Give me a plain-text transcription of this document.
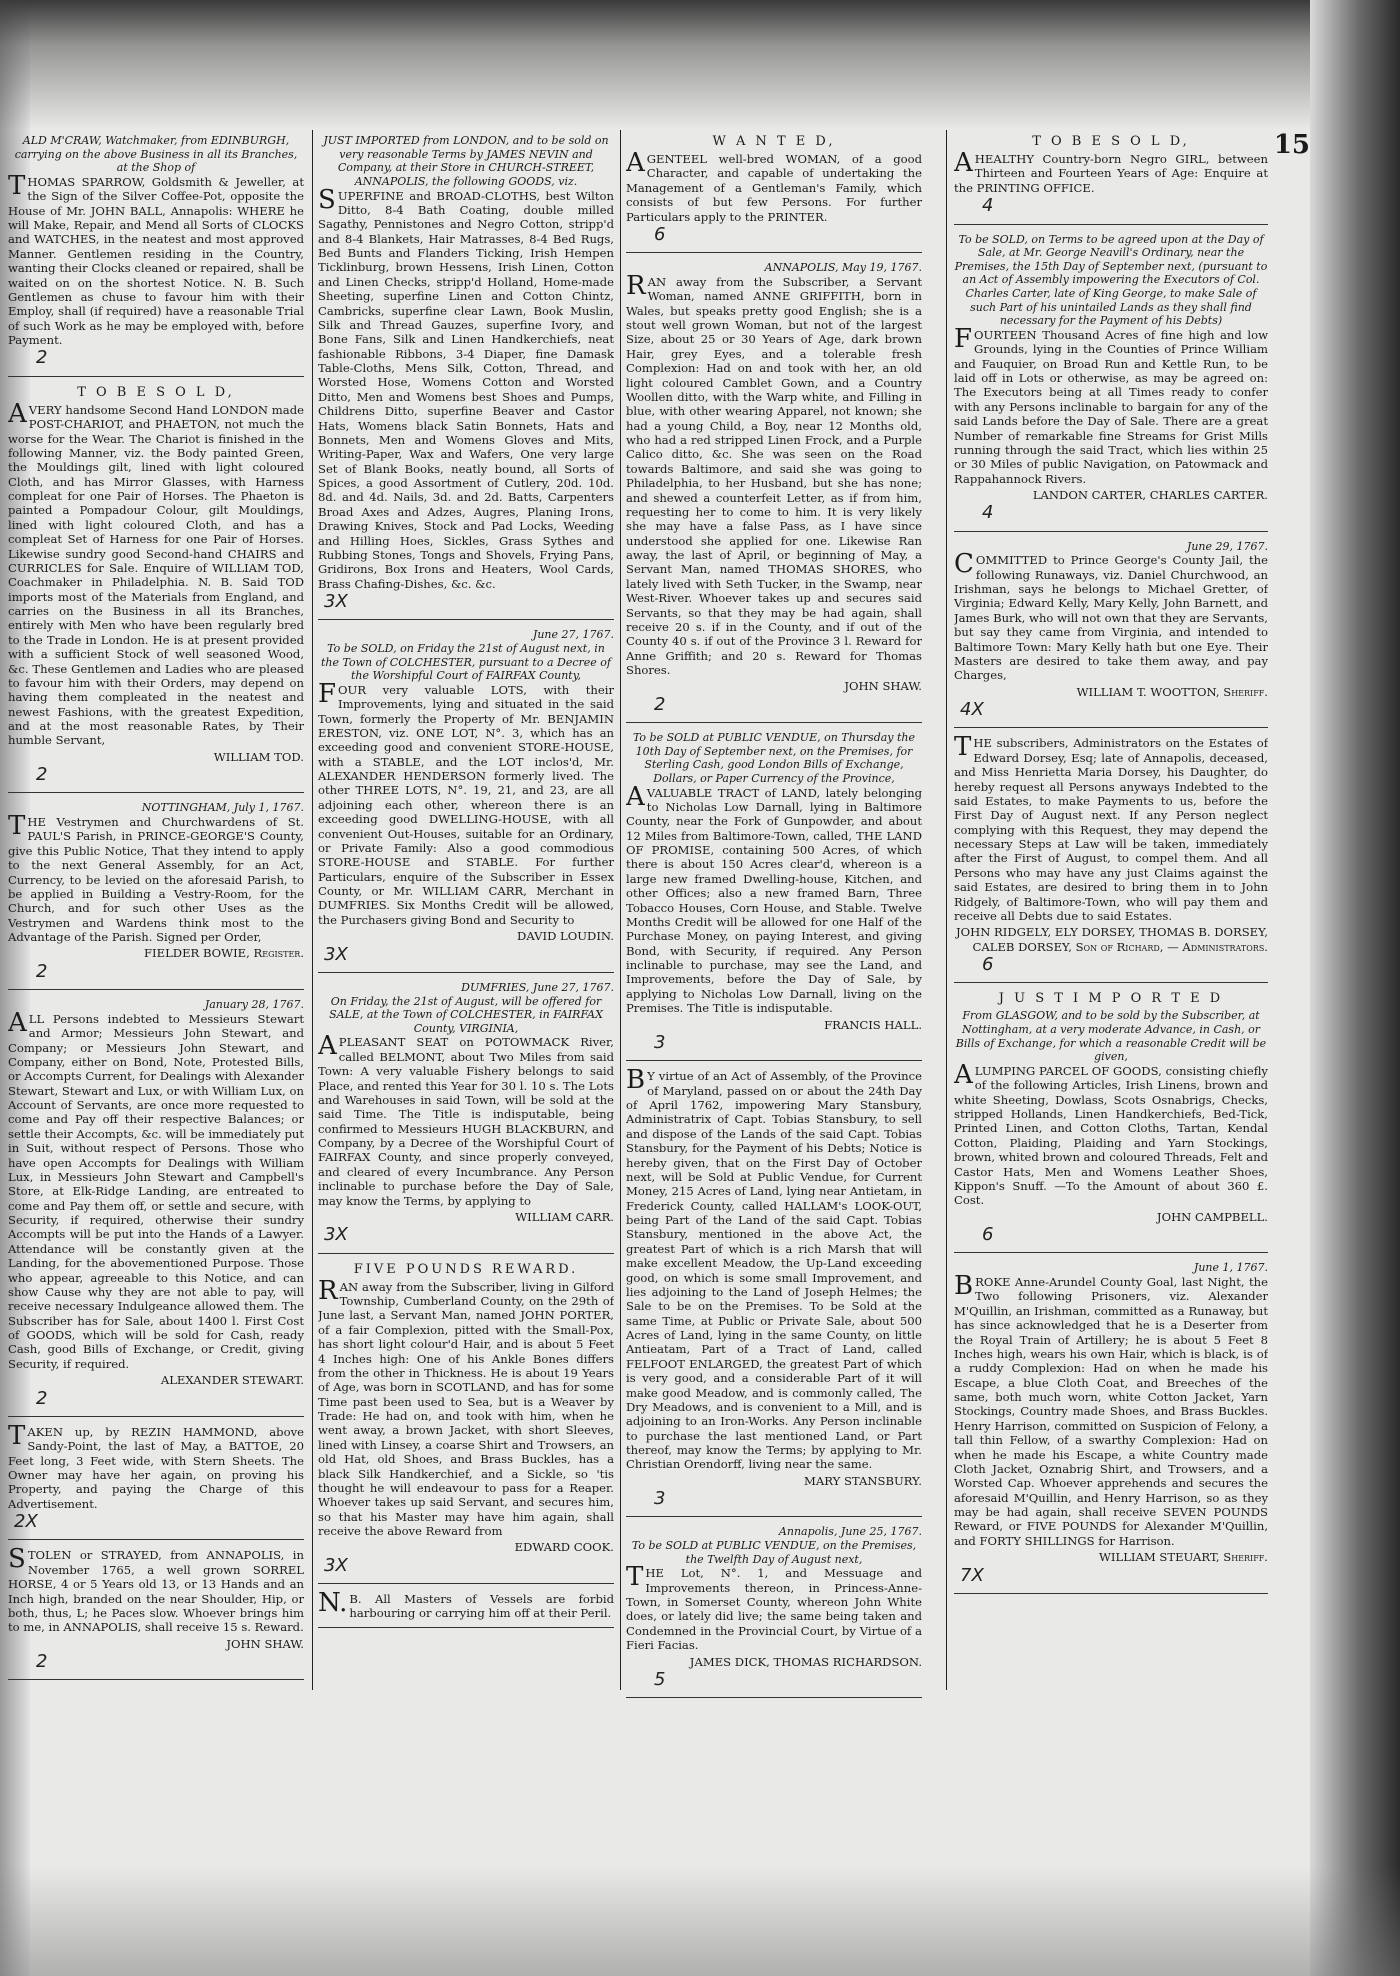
15

ALD M'CRAW, Watchmaker, from EDINBURGH, carrying on the above Business in all its Branches, at the Shop of

THOMAS SPARROW, Goldsmith & Jeweller, at the Sign of the Silver Coffee-Pot, opposite the House of Mr. JOHN BALL, Annapolis: WHERE he will Make, Repair, and Mend all Sorts of CLOCKS and WATCHES, in the neatest and most approved Manner. Gentlemen residing in the Country, wanting their Clocks cleaned or repaired, shall be waited on on the shortest Notice. N. B. Such Gentlemen as chuse to favour him with their Employ, shall (if required) have a reasonable Trial of such Work as he may be employed with, before Payment.

2
T O B E S O L D,

AVERY handsome Second Hand LONDON made POST-CHARIOT, and PHAETON, not much the worse for the Wear. The Chariot is finished in the following Manner, viz. the Body painted Green, the Mouldings gilt, lined with light coloured Cloth, and has Mirror Glasses, with Harness compleat for one Pair of Horses. The Phaeton is painted a Pompadour Colour, gilt Mouldings, lined with light coloured Cloth, and has a compleat Set of Harness for one Pair of Horses. Likewise sundry good Second-hand CHAIRS and CURRICLES for Sale. Enquire of WILLIAM TOD, Coachmaker in Philadelphia. N. B. Said TOD imports most of the Materials from England, and carries on the Business in all its Branches, entirely with Men who have been regularly bred to the Trade in London. He is at present provided with a sufficient Stock of well seasoned Wood, &c. These Gentlemen and Ladies who are pleased to favour him with their Orders, may depend on having them compleated in the neatest and newest Fashions, with the greatest Expedition, and at the most reasonable Rates, by Their humble Servant,

WILLIAM TOD.

2

NOTTINGHAM, July 1, 1767.

THE Vestrymen and Churchwardens of St. PAUL'S Parish, in PRINCE-GEORGE'S County, give this Public Notice, That they intend to apply to the next General Assembly, for an Act, Currency, to be levied on the aforesaid Parish, to be applied in Building a Vestry-Room, for the Church, and for such other Uses as the Vestrymen and Wardens think most to the Advantage of the Parish. Signed per Order,

FIELDER BOWIE, Register.

2

January 28, 1767.

ALL Persons indebted to Messieurs Stewart and Armor; Messieurs John Stewart, and Company; or Messieurs John Stewart, and Company, either on Bond, Note, Protested Bills, or Accompts Current, for Dealings with Alexander Stewart, Stewart and Lux, or with William Lux, on Account of Servants, are once more requested to come and Pay off their respective Balances; or settle their Accompts, &c. will be immediately put in Suit, without respect of Persons. Those who have open Accompts for Dealings with William Lux, in Messieurs John Stewart and Campbell's Store, at Elk-Ridge Landing, are entreated to come and Pay them off, or settle and secure, with Security, if required, otherwise their sundry Accompts will be put into the Hands of a Lawyer. Attendance will be constantly given at the Landing, for the abovementioned Purpose. Those who appear, agreeable to this Notice, and can show Cause why they are not able to pay, will receive necessary Indulgeance allowed them. The Subscriber has for Sale, about 1400 l. First Cost of GOODS, which will be sold for Cash, ready Cash, good Bills of Exchange, or Credit, giving Security, if required.

ALEXANDER STEWART.

2

TAKEN up, by REZIN HAMMOND, above Sandy-Point, the last of May, a BATTOE, 20 Feet long, 3 Feet wide, with Stern Sheets. The Owner may have her again, on proving his Property, and paying the Charge of this Advertisement.

2X

STOLEN or STRAYED, from ANNAPOLIS, in November 1765, a well grown SORREL HORSE, 4 or 5 Years old 13, or 13 Hands and an Inch high, branded on the near Shoulder, Hip, or both, thus, L; he Paces slow. Whoever brings him to me, in ANNAPOLIS, shall receive 15 s. Reward.

JOHN SHAW.

2

JUST IMPORTED from LONDON, and to be sold on very reasonable Terms by JAMES NEVIN and Company, at their Store in CHURCH-STREET, ANNAPOLIS, the following GOODS, viz.

SUPERFINE and BROAD-CLOTHS, best Wilton Ditto, 8-4 Bath Coating, double milled Sagathy, Pennistones and Negro Cotton, stripp'd and 8-4 Blankets, Hair Matrasses, 8-4 Bed Rugs, Bed Bunts and Flanders Ticking, Irish Hempen Ticklinburg, brown Hessens, Irish Linen, Cotton and Linen Checks, stripp'd Holland, Home-made Sheeting, superfine Linen and Cotton Chintz, Cambricks, superfine clear Lawn, Book Muslin, Silk and Thread Gauzes, superfine Ivory, and Bone Fans, Silk and Linen Handkerchiefs, neat fashionable Ribbons, 3-4 Diaper, fine Damask Table-Cloths, Mens Silk, Cotton, Thread, and Worsted Hose, Womens Cotton and Worsted Ditto, Men and Womens best Shoes and Pumps, Childrens Ditto, superfine Beaver and Castor Hats, Womens black Satin Bonnets, Hats and Bonnets, Men and Womens Gloves and Mits, Writing-Paper, Wax and Wafers, One very large Set of Blank Books, neatly bound, all Sorts of Spices, a good Assortment of Cutlery, 20d. 10d. 8d. and 4d. Nails, 3d. and 2d. Batts, Carpenters Broad Axes and Adzes, Augres, Planing Irons, Drawing Knives, Stock and Pad Locks, Weeding and Hilling Hoes, Sickles, Grass Sythes and Rubbing Stones, Tongs and Shovels, Frying Pans, Gridirons, Box Irons and Heaters, Wool Cards, Brass Chafing-Dishes, &c. &c.

3X

June 27, 1767.

To be SOLD, on Friday the 21st of August next, in the Town of COLCHESTER, pursuant to a Decree of the Worshipful Court of FAIRFAX County,

FOUR very valuable LOTS, with their Improvements, lying and situated in the said Town, formerly the Property of Mr. BENJAMIN ERESTON, viz. ONE LOT, N°. 3, which has an exceeding good and convenient STORE-HOUSE, with a STABLE, and the LOT inclos'd, Mr. ALEXANDER HENDERSON formerly lived. The other THREE LOTS, N°. 19, 21, and 23, are all adjoining each other, whereon there is an exceeding good DWELLING-HOUSE, with all convenient Out-Houses, suitable for an Ordinary, or Private Family: Also a good commodious STORE-HOUSE and STABLE. For further Particulars, enquire of the Subscriber in Essex County, or Mr. WILLIAM CARR, Merchant in DUMFRIES. Six Months Credit will be allowed, the Purchasers giving Bond and Security to

DAVID LOUDIN.

3X

DUMFRIES, June 27, 1767.

On Friday, the 21st of August, will be offered for SALE, at the Town of COLCHESTER, in FAIRFAX County, VIRGINIA,

APLEASANT SEAT on POTOWMACK River, called BELMONT, about Two Miles from said Town: A very valuable Fishery belongs to said Place, and rented this Year for 30 l. 10 s. The Lots and Warehouses in said Town, will be sold at the said Time. The Title is indisputable, being confirmed to Messieurs HUGH BLACKBURN, and Company, by a Decree of the Worshipful Court of FAIRFAX County, and since properly conveyed, and cleared of every Incumbrance. Any Person inclinable to purchase before the Day of Sale, may know the Terms, by applying to

WILLIAM CARR.

3X
FIVE POUNDS REWARD.

RAN away from the Subscriber, living in Gilford Township, Cumberland County, on the 29th of June last, a Servant Man, named JOHN PORTER, of a fair Complexion, pitted with the Small-Pox, has short light colour'd Hair, and is about 5 Feet 4 Inches high: One of his Ankle Bones differs from the other in Thickness. He is about 19 Years of Age, was born in SCOTLAND, and has for some Time past been used to Sea, but is a Weaver by Trade: He had on, and took with him, when he went away, a brown Jacket, with short Sleeves, lined with Linsey, a coarse Shirt and Trowsers, an old Hat, old Shoes, and Brass Buckles, has a black Silk Handkerchief, and a Sickle, so 'tis thought he will endeavour to pass for a Reaper. Whoever takes up said Servant, and secures him, so that his Master may have him again, shall receive the above Reward from

EDWARD COOK.

3X

N.B. All Masters of Vessels are forbid harbouring or carrying him off at their Peril.

W A N T E D,

AGENTEEL well-bred WOMAN, of a good Character, and capable of undertaking the Management of a Gentleman's Family, which consists of but few Persons. For further Particulars apply to the PRINTER.

6

ANNAPOLIS, May 19, 1767.

RAN away from the Subscriber, a Servant Woman, named ANNE GRIFFITH, born in Wales, but speaks pretty good English; she is a stout well grown Woman, but not of the largest Size, about 25 or 30 Years of Age, dark brown Hair, grey Eyes, and a tolerable fresh Complexion: Had on and took with her, an old light coloured Camblet Gown, and a Country Woollen ditto, with the Warp white, and Filling in blue, with other wearing Apparel, not known; she had a young Child, a Boy, near 12 Months old, who had a red stripped Linen Frock, and a Purple Calico ditto, &c. She was seen on the Road towards Baltimore, and said she was going to Philadelphia, to her Husband, but she has none; and shewed a counterfeit Letter, as if from him, requesting her to come to him. It is very likely she may have a false Pass, as I have since understood she applied for one. Likewise Ran away, the last of April, or beginning of May, a Servant Man, named THOMAS SHORES, who lately lived with Seth Tucker, in the Swamp, near West-River. Whoever takes up and secures said Servants, so that they may be had again, shall receive 20 s. if in the County, and if out of the County 40 s. if out of the Province 3 l. Reward for Anne Griffith; and 20 s. Reward for Thomas Shores.

JOHN SHAW.

2

To be SOLD at PUBLIC VENDUE, on Thursday the 10th Day of September next, on the Premises, for Sterling Cash, good London Bills of Exchange, Dollars, or Paper Currency of the Province,

AVALUABLE TRACT of LAND, lately belonging to Nicholas Low Darnall, lying in Baltimore County, near the Fork of Gunpowder, and about 12 Miles from Baltimore-Town, called, THE LAND OF PROMISE, containing 500 Acres, of which there is about 150 Acres clear'd, whereon is a large new framed Dwelling-house, Kitchen, and other Offices; also a new framed Barn, Three Tobacco Houses, Corn House, and Stable. Twelve Months Credit will be allowed for one Half of the Purchase Money, on paying Interest, and giving Bond, with Security, if required. Any Person inclinable to purchase, may see the Land, and Improvements, before the Day of Sale, by applying to Nicholas Low Darnall, living on the Premises. The Title is indisputable.

FRANCIS HALL.

3

BY virtue of an Act of Assembly, of the Province of Maryland, passed on or about the 24th Day of April 1762, impowering Mary Stansbury, Administratrix of Capt. Tobias Stansbury, to sell and dispose of the Lands of the said Capt. Tobias Stansbury, for the Payment of his Debts; Notice is hereby given, that on the First Day of October next, will be Sold at Public Vendue, for Current Money, 215 Acres of Land, lying near Antietam, in Frederick County, called HALLAM's LOOK-OUT, being Part of the Land of the said Capt. Tobias Stansbury, mentioned in the above Act, the greatest Part of which is a rich Marsh that will make excellent Meadow, the Up-Land exceeding good, on which is some small Improvement, and lies adjoining to the Land of Joseph Helmes; the Sale to be on the Premises. To be Sold at the same Time, at Public or Private Sale, about 500 Acres of Land, lying in the same County, on little Antieatam, Part of a Tract of Land, called FELFOOT ENLARGED, the greatest Part of which is very good, and a considerable Part of it will make good Meadow, and is commonly called, The Dry Meadows, and is convenient to a Mill, and is adjoining to an Iron-Works. Any Person inclinable to purchase the last mentioned Land, or Part thereof, may know the Terms; by applying to Mr. Christian Orendorff, living near the same.

MARY STANSBURY.

3

Annapolis, June 25, 1767.

To be SOLD at PUBLIC VENDUE, on the Premises, the Twelfth Day of August next,

THE Lot, N°. 1, and Messuage and Improvements thereon, in Princess-Anne-Town, in Somerset County, whereon John White does, or lately did live; the same being taken and Condemned in the Provincial Court, by Virtue of a Fieri Facias.

JAMES DICK, THOMAS RICHARDSON.

5
T O B E S O L D,

AHEALTHY Country-born Negro GIRL, between Thirteen and Fourteen Years of Age: Enquire at the PRINTING OFFICE.

4

To be SOLD, on Terms to be agreed upon at the Day of Sale, at Mr. George Neavill's Ordinary, near the Premises, the 15th Day of September next, (pursuant to an Act of Assembly impowering the Executors of Col. Charles Carter, late of King George, to make Sale of such Part of his unintailed Lands as they shall find necessary for the Payment of his Debts)

FOURTEEN Thousand Acres of fine high and low Grounds, lying in the Counties of Prince William and Fauquier, on Broad Run and Kettle Run, to be laid off in Lots or otherwise, as may be agreed on: The Executors being at all Times ready to confer with any Persons inclinable to bargain for any of the said Lands before the Day of Sale. There are a great Number of remarkable fine Streams for Grist Mills running through the said Tract, which lies within 25 or 30 Miles of public Navigation, on Patowmack and Rappahannock Rivers.

LANDON CARTER, CHARLES CARTER.

4

June 29, 1767.

COMMITTED to Prince George's County Jail, the following Runaways, viz. Daniel Churchwood, an Irishman, says he belongs to Michael Gretter, of Virginia; Edward Kelly, Mary Kelly, John Barnett, and James Burk, who will not own that they are Servants, but say they came from Virginia, and intended to Baltimore Town: Mary Kelly hath but one Eye. Their Masters are desired to take them away, and pay Charges,

WILLIAM T. WOOTTON, Sheriff.

4X

THE subscribers, Administrators on the Estates of Edward Dorsey, Esq; late of Annapolis, deceased, and Miss Henrietta Maria Dorsey, his Daughter, do hereby request all Persons anyways Indebted to the said Estates, to make Payments to us, before the First Day of August next. If any Person neglect complying with this Request, they may depend the necessary Steps at Law will be taken, immediately after the First of August, to compel them. And all Persons who may have any just Claims against the said Estates, are desired to bring them in to John Ridgely, of Baltimore-Town, who will pay them and receive all Debts due to said Estates.

JOHN RIDGELY, ELY DORSEY, THOMAS B. DORSEY, CALEB DORSEY, Son of Richard, — Administrators.

6
J U S T I M P O R T E D

From GLASGOW, and to be sold by the Subscriber, at Nottingham, at a very moderate Advance, in Cash, or Bills of Exchange, for which a reasonable Credit will be given,

ALUMPING PARCEL OF GOODS, consisting chiefly of the following Articles, Irish Linens, brown and white Sheeting, Dowlass, Scots Osnabrigs, Checks, stripped Hollands, Linen Handkerchiefs, Bed-Tick, Printed Linen, and Cotton Cloths, Tartan, Kendal Cotton, Plaiding, Plaiding and Yarn Stockings, brown, whited brown and coloured Threads, Felt and Castor Hats, Men and Womens Leather Shoes, Kippon's Snuff. —To the Amount of about 360 £. Cost.

JOHN CAMPBELL.

6

June 1, 1767.

BROKE Anne-Arundel County Goal, last Night, the Two following Prisoners, viz. Alexander M'Quillin, an Irishman, committed as a Runaway, but has since acknowledged that he is a Deserter from the Royal Train of Artillery; he is about 5 Feet 8 Inches high, wears his own Hair, which is black, is of a ruddy Complexion: Had on when he made his Escape, a blue Cloth Coat, and Breeches of the same, both much worn, white Cotton Jacket, Yarn Stockings, Country made Shoes, and Brass Buckles. Henry Harrison, committed on Suspicion of Felony, a tall thin Fellow, of a swarthy Complexion: Had on when he made his Escape, a white Country made Cloth Jacket, Oznabrig Shirt, and Trowsers, and a Worsted Cap. Whoever apprehends and secures the aforesaid M'Quillin, and Henry Harrison, so as they may be had again, shall receive SEVEN POUNDS Reward, or FIVE POUNDS for Alexander M'Quillin, and FORTY SHILLINGS for Harrison.

WILLIAM STEUART, Sheriff.

7X
